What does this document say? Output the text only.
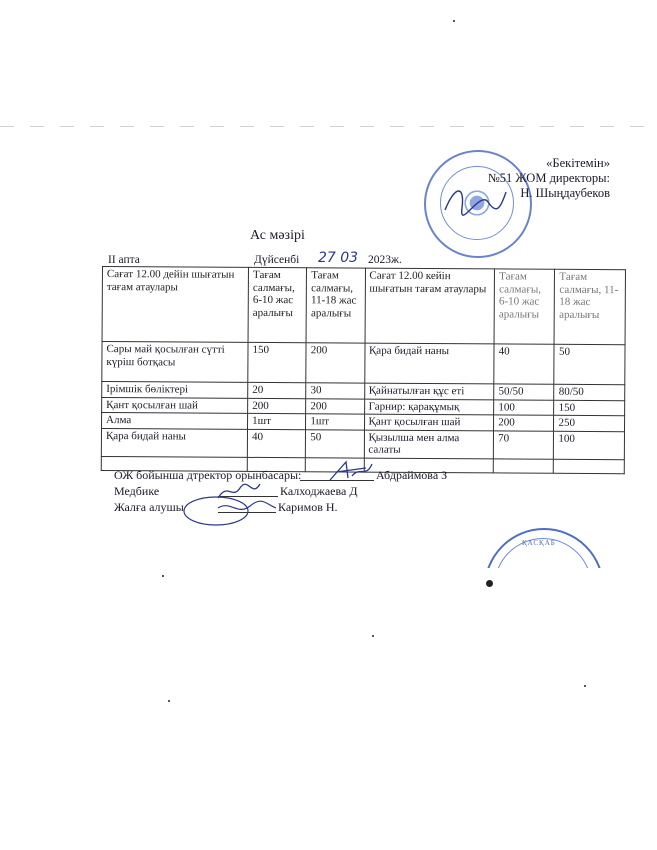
«Бекітемін»
№51 ЖОМ директоры:
Н. Шыңдаубеков
Ас мәзірі
II апта	Дүйсенбі 27 03 2023ж.
Сағат 12.00 дейін шығатын тағам атаулары	Тағам салмағы, 6-10 жас аралығы	Тағам салмағы, 11-18 жас аралығы	Сағат 12.00 кейін шығатын тағам атаулары	Тағам салмағы, 6-10 жас аралығы	Тағам салмағы, 11-18 жас аралығы
Сары май қосылған сүтті күріш ботқасы	150	200	Қара бидай наны	40	50
Ірімшік бөліктері	20	30	Қайнатылған құс еті	50/50	80/50
Қант қосылған шай	200	200	Гарнир: қарақұмық	100	150
Алма	1шт	1шт	Қант қосылған шай	200	250
Қара бидай наны	40	50	Қызылша мен алма салаты	70	100

ОЖ бойынша дтректор орынбасары:	Абдраймова З
Медбике	Калходжаева Д
Жалға алушы	Каримов Н.
ҚАСҚАБ
